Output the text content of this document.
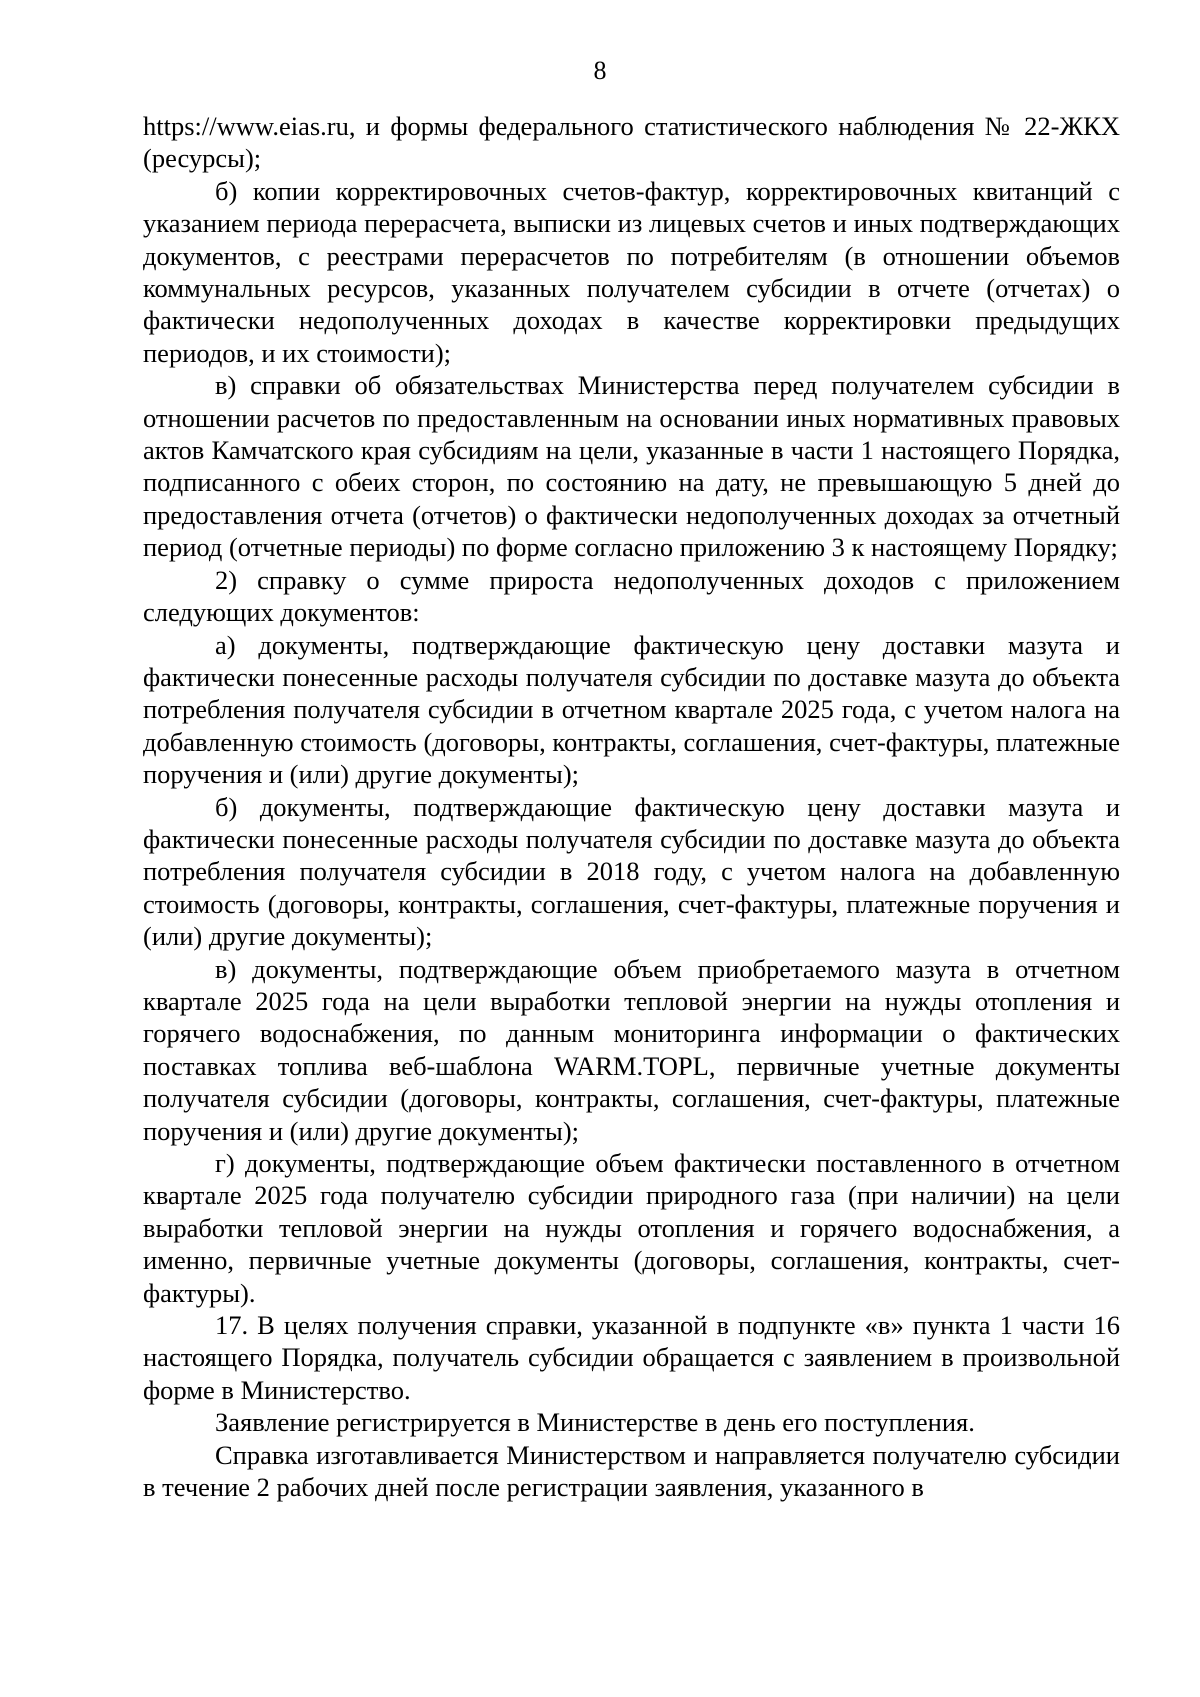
8

https://www.eias.ru, и формы федерального статистического наблюдения № 22-ЖКХ (ресурсы);

б) копии корректировочных счетов-фактур, корректировочных квитанций с указанием периода перерасчета, выписки из лицевых счетов и иных подтверждающих документов, с реестрами перерасчетов по потребителям (в отношении объемов коммунальных ресурсов, указанных получателем субсидии в отчете (отчетах) о фактически недополученных доходах в качестве корректировки предыдущих периодов, и их стоимости);

в) справки об обязательствах Министерства перед получателем субсидии в отношении расчетов по предоставленным на основании иных нормативных правовых актов Камчатского края субсидиям на цели, указанные в части 1 настоящего Порядка, подписанного с обеих сторон, по состоянию на дату, не превышающую 5 дней до предоставления отчета (отчетов) о фактически недополученных доходах за отчетный период (отчетные периоды) по форме согласно приложению 3 к настоящему Порядку;

2) справку о сумме прироста недополученных доходов с приложением следующих документов:

а) документы, подтверждающие фактическую цену доставки мазута и фактически понесенные расходы получателя субсидии по доставке мазута до объекта потребления получателя субсидии в отчетном квартале 2025 года, с учетом налога на добавленную стоимость (договоры, контракты, соглашения, счет-фактуры, платежные поручения и (или) другие документы);

б) документы, подтверждающие фактическую цену доставки мазута и фактически понесенные расходы получателя субсидии по доставке мазута до объекта потребления получателя субсидии в 2018 году, с учетом налога на добавленную стоимость (договоры, контракты, соглашения, счет-фактуры, платежные поручения и (или) другие документы);

в) документы, подтверждающие объем приобретаемого мазута в отчетном квартале 2025 года на цели выработки тепловой энергии на нужды отопления и горячего водоснабжения, по данным мониторинга информации о фактических поставках топлива веб-шаблона WARM.TOPL, первичные учетные документы получателя субсидии (договоры, контракты, соглашения, счет-фактуры, платежные поручения и (или) другие документы);

г) документы, подтверждающие объем фактически поставленного в отчетном квартале 2025 года получателю субсидии природного газа (при наличии) на цели выработки тепловой энергии на нужды отопления и горячего водоснабжения, а именно, первичные учетные документы (договоры, соглашения, контракты, счет-фактуры).

17. В целях получения справки, указанной в подпункте «в» пункта 1 части 16 настоящего Порядка, получатель субсидии обращается с заявлением в произвольной форме в Министерство.

Заявление регистрируется в Министерстве в день его поступления.

Справка изготавливается Министерством и направляется получателю субсидии в течение 2 рабочих дней после регистрации заявления, указанного в
